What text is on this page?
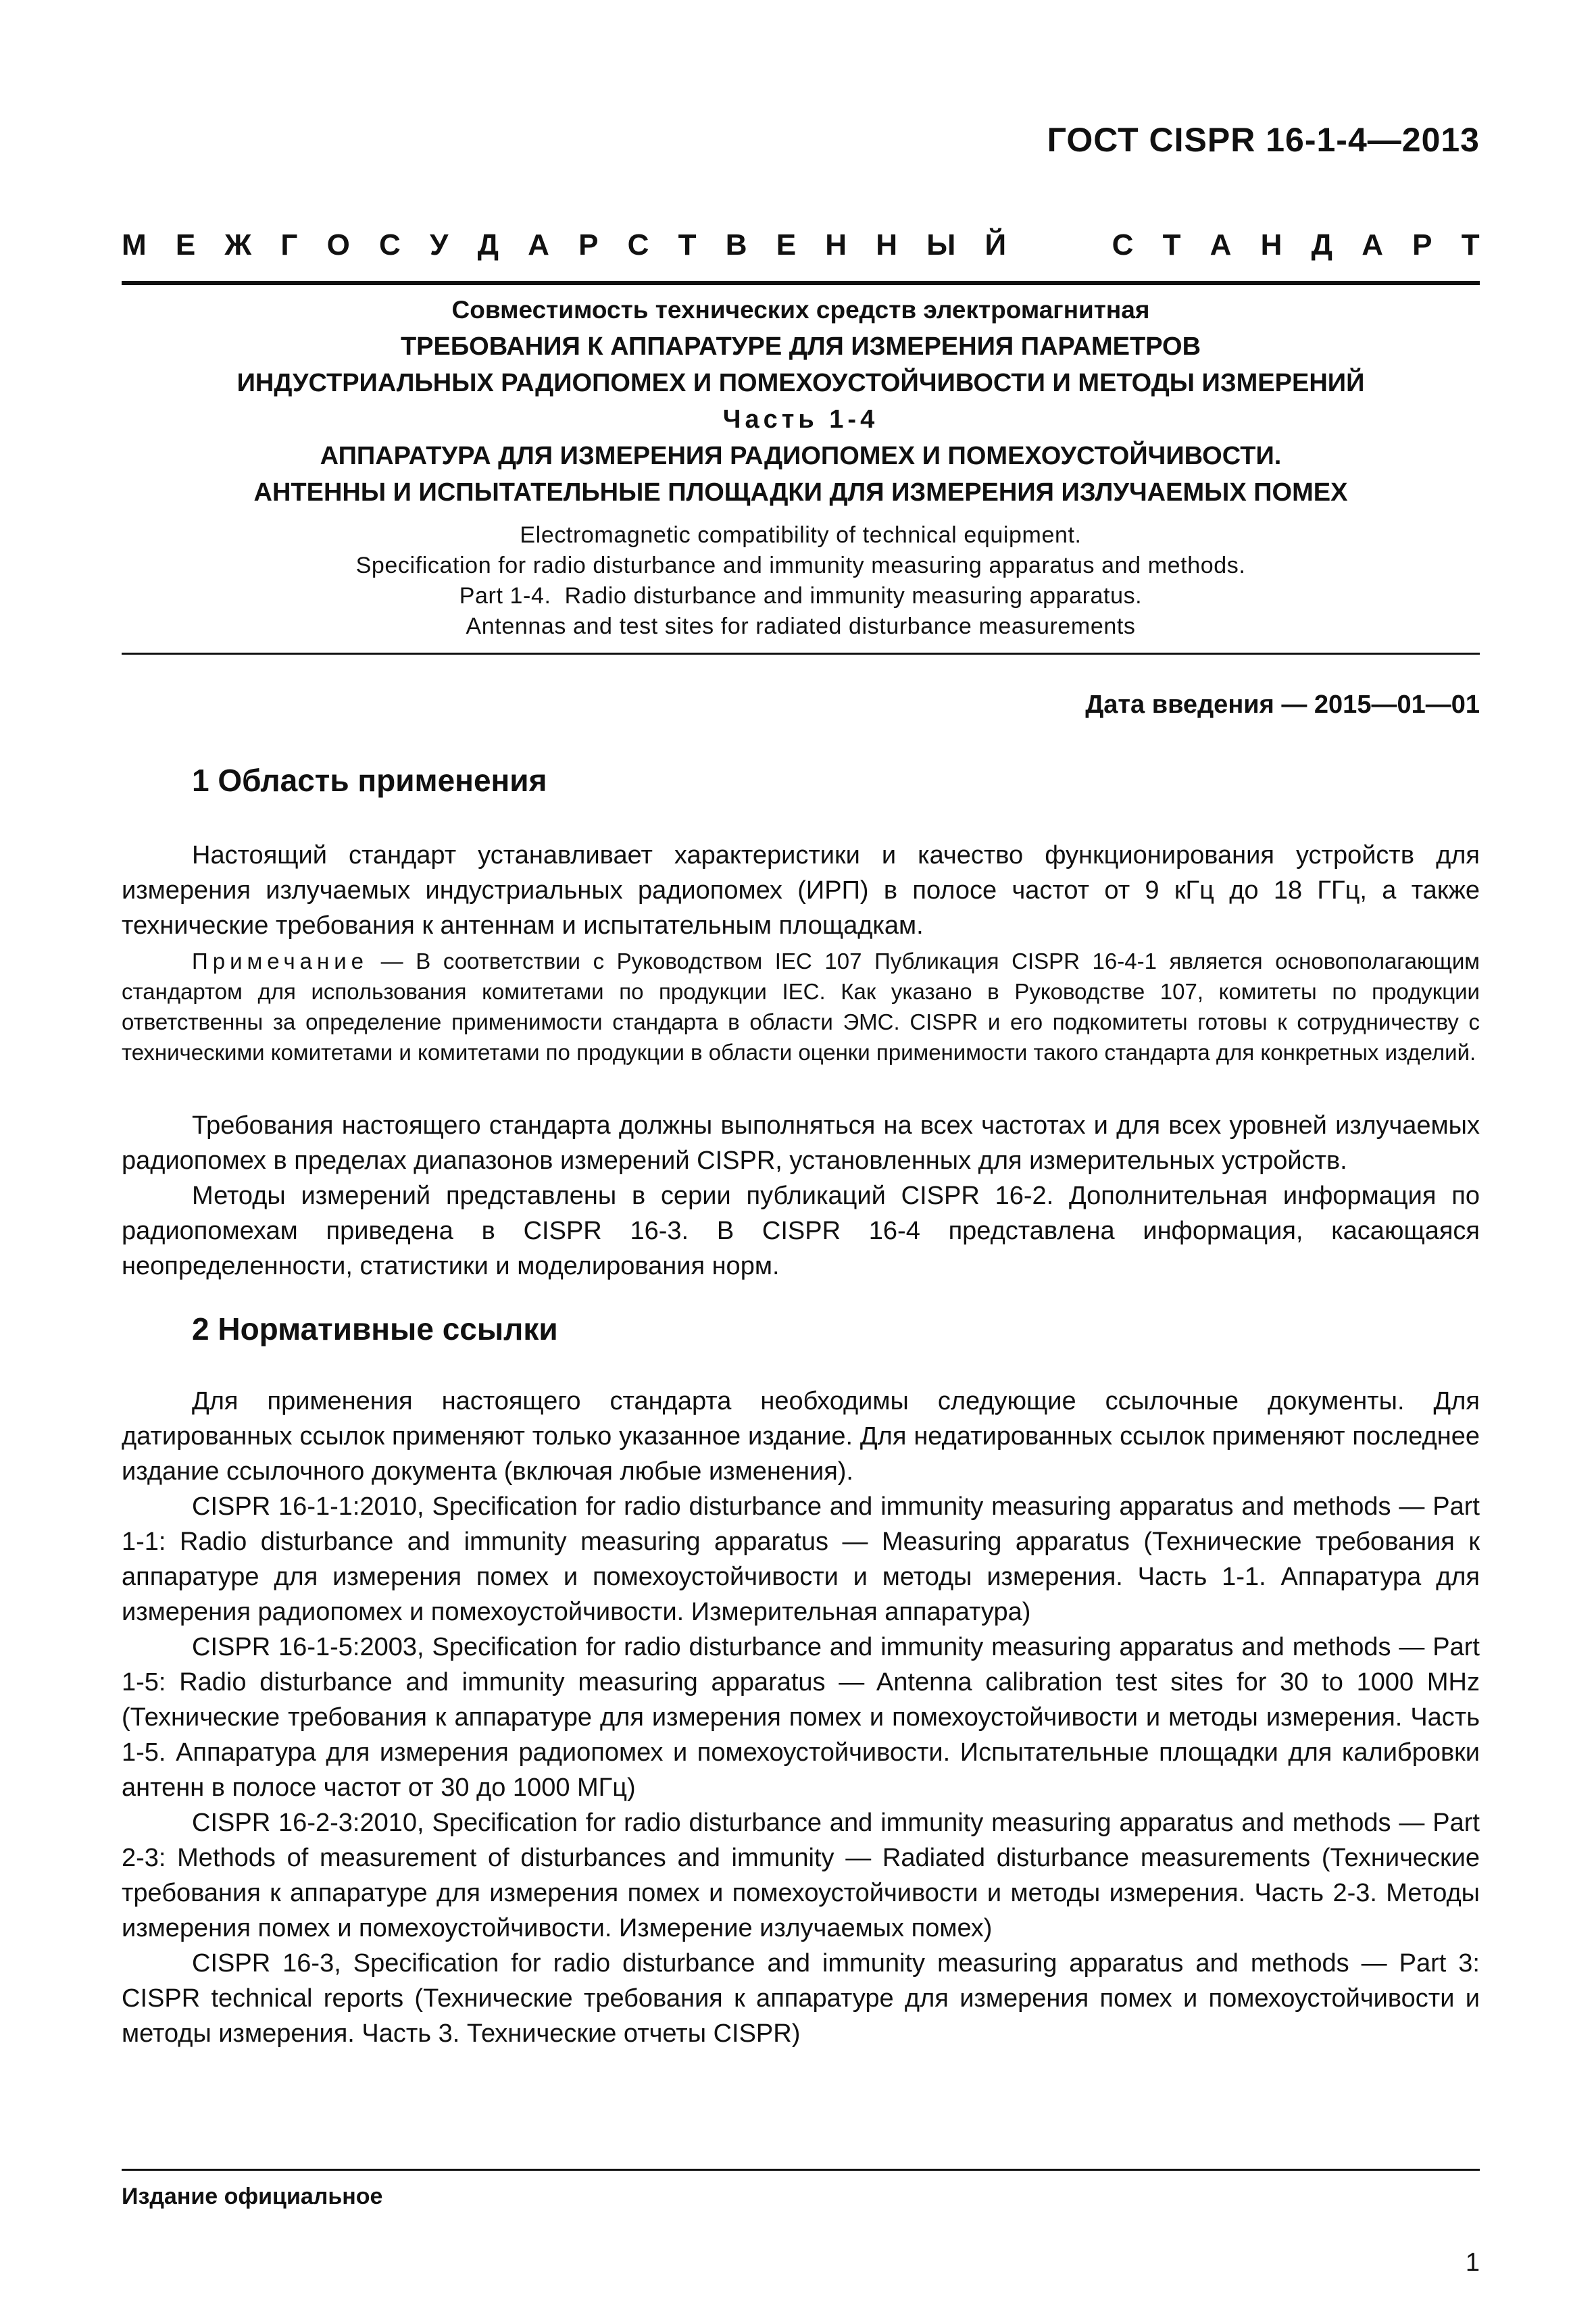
ГОСТ CISPR 16-1-4—2013
М Е Ж Г О С У Д А Р С Т В Е Н Н Ы Й	С Т А Н Д А Р Т
Совместимость технических средств электромагнитная
ТРЕБОВАНИЯ К АППАРАТУРЕ ДЛЯ ИЗМЕРЕНИЯ ПАРАМЕТРОВ
ИНДУСТРИАЛЬНЫХ РАДИОПОМЕХ И ПОМЕХОУСТОЙЧИВОСТИ И МЕТОДЫ ИЗМЕРЕНИЙ
Часть 1-4
АППАРАТУРА ДЛЯ ИЗМЕРЕНИЯ РАДИОПОМЕХ И ПОМЕХОУСТОЙЧИВОСТИ.
АНТЕННЫ И ИСПЫТАТЕЛЬНЫЕ ПЛОЩАДКИ ДЛЯ ИЗМЕРЕНИЯ ИЗЛУЧАЕМЫХ ПОМЕХ
Electromagnetic compatibility of technical equipment.
Specification for radio disturbance and immunity measuring apparatus and methods.
Part 1-4.  Radio disturbance and immunity measuring apparatus.
Antennas and test sites for radiated disturbance measurements
Дата введения — 2015—01—01
1 Область применения

Настоящий стандарт устанавливает характеристики и качество функционирования устройств для измерения излучаемых индустриальных радиопомех (ИРП) в полосе частот от 9 кГц до 18 ГГц, а также технические требования к антеннам и испытательным площадкам.

Примечание — В соответствии с Руководством IEC 107 Публикация CISPR 16-4-1 является основополагающим стандартом для использования комитетами по продукции IEC. Как указано в Руководстве 107, комитеты по продукции ответственны за определение применимости стандарта в области ЭМС. CISPR и его подкомитеты готовы к сотрудничеству с техническими комитетами и комитетами по продукции в области оценки применимости такого стандарта для конкретных изделий.

Требования настоящего стандарта должны выполняться на всех частотах и для всех уровней излучаемых радиопомех в пределах диапазонов измерений CISPR, установленных для измерительных устройств.

Методы измерений представлены в серии публикаций CISPR 16-2. Дополнительная информация по радиопомехам приведена в CISPR 16-3. В CISPR 16-4 представлена информация, касающаяся неопределенности, статистики и моделирования норм.

2 Нормативные ссылки

Для применения настоящего стандарта необходимы следующие ссылочные документы. Для датированных ссылок применяют только указанное издание. Для недатированных ссылок применяют последнее издание ссылочного документа (включая любые изменения).

CISPR 16-1-1:2010, Specification for radio disturbance and immunity measuring apparatus and methods — Part 1-1: Radio disturbance and immunity measuring apparatus — Measuring apparatus (Технические требования к аппаратуре для измерения помех и помехоустойчивости и методы измерения. Часть 1-1. Аппаратура для измерения радиопомех и помехоустойчивости. Измерительная аппаратура)

CISPR 16-1-5:2003, Specification for radio disturbance and immunity measuring apparatus and methods — Part 1-5: Radio disturbance and immunity measuring apparatus — Antenna calibration test sites for 30 to 1000 MHz (Технические требования к аппаратуре для измерения помех и помехоустойчивости и методы измерения. Часть 1-5. Аппаратура для измерения радиопомех и помехоустойчивости. Испытательные площадки для калибровки антенн в полосе частот от 30 до 1000 МГц)

CISPR 16-2-3:2010, Specification for radio disturbance and immunity measuring apparatus and methods — Part 2-3: Methods of measurement of disturbances and immunity — Radiated disturbance measurements (Технические требования к аппаратуре для измерения помех и помехоустойчивости и методы измерения. Часть 2-3. Методы измерения помех и помехоустойчивости. Измерение излучаемых помех)

CISPR 16-3, Specification for radio disturbance and immunity measuring apparatus and methods — Part 3: CISPR technical reports (Технические требования к аппаратуре для измерения помех и помехоустойчивости и методы измерения. Часть 3. Технические отчеты CISPR)

Издание официальное
1
